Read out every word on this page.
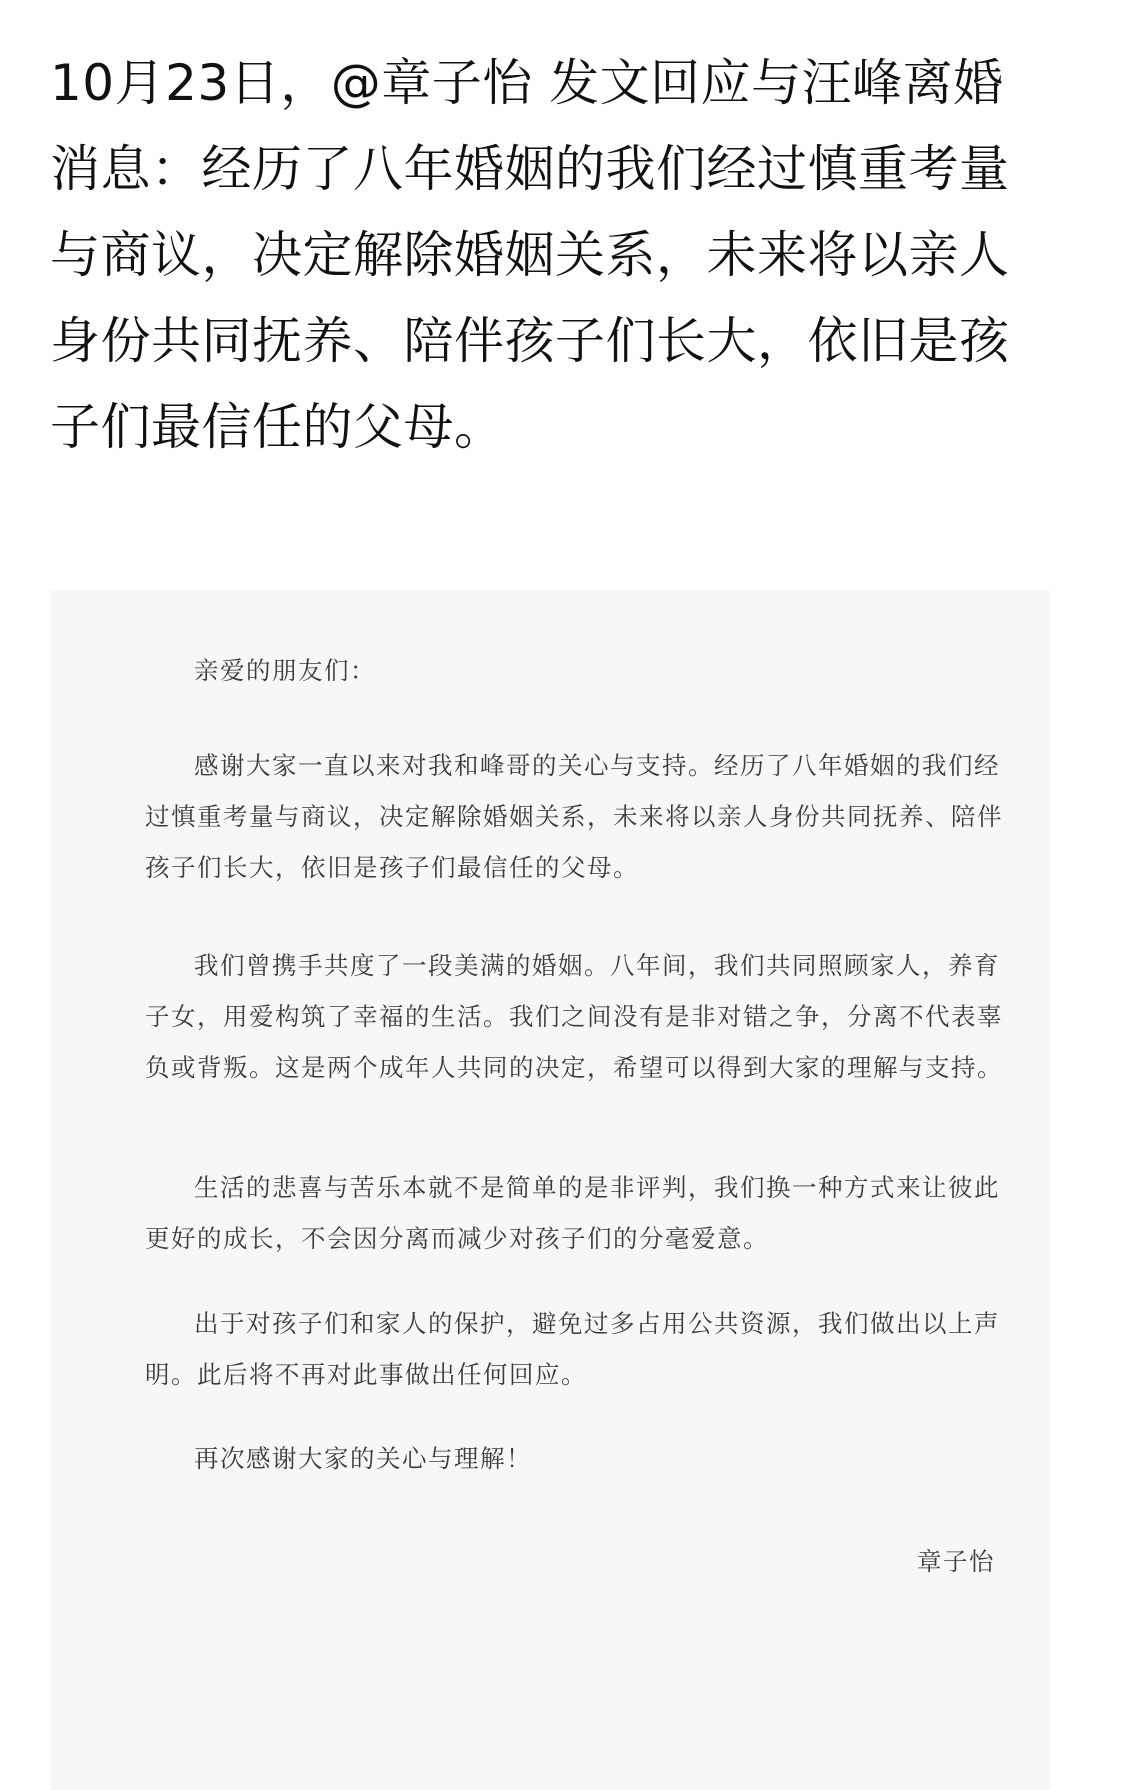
10月23日，@章子怡 发文回应与汪峰离婚消息：经历了八年婚姻的我们经过慎重考量与商议，决定解除婚姻关系，未来将以亲人身份共同抚养、陪伴孩子们长大，依旧是孩子们最信任的父母。

亲爱的朋友们：

感谢大家一直以来对我和峰哥的关心与支持。经历了八年婚姻的我们经过慎重考量与商议，决定解除婚姻关系，未来将以亲人身份共同抚养、陪伴孩子们长大，依旧是孩子们最信任的父母。

我们曾携手共度了一段美满的婚姻。八年间，我们共同照顾家人，养育子女，用爱构筑了幸福的生活。我们之间没有是非对错之争，分离不代表辜负或背叛。这是两个成年人共同的决定，希望可以得到大家的理解与支持。

生活的悲喜与苦乐本就不是简单的是非评判，我们换一种方式来让彼此更好的成长，不会因分离而减少对孩子们的分毫爱意。

出于对孩子们和家人的保护，避免过多占用公共资源，我们做出以上声明。此后将不再对此事做出任何回应。

再次感谢大家的关心与理解！

章子怡
